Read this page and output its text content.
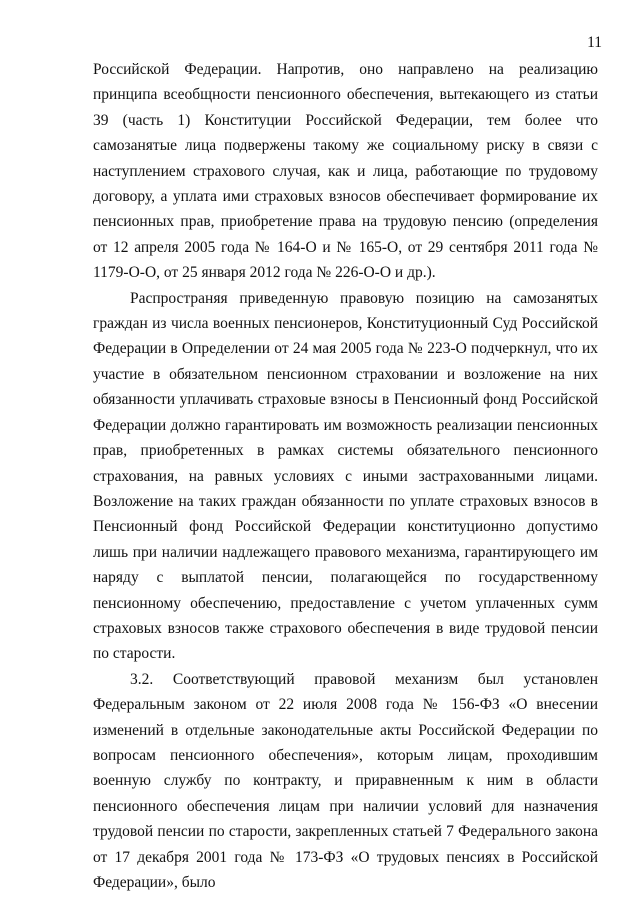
11

Российской Федерации. Напротив, оно направлено на реализацию принципа всеобщности пенсионного обеспечения, вытекающего из статьи 39 (часть 1) Конституции Российской Федерации, тем более что самозанятые лица подвержены такому же социальному риску в связи с наступлением страхового случая, как и лица, работающие по трудовому договору, а уплата ими страховых взносов обеспечивает формирование их пенсионных прав, приобретение права на трудовую пенсию (определения от 12 апреля 2005 года № 164-О и № 165-О, от 29 сентября 2011 года № 1179-О-О, от 25 января 2012 года № 226-О-О и др.).

Распространяя приведенную правовую позицию на самозанятых граждан из числа военных пенсионеров, Конституционный Суд Российской Федерации в Определении от 24 мая 2005 года № 223-О подчеркнул, что их участие в обязательном пенсионном страховании и возложение на них обязанности уплачивать страховые взносы в Пенсионный фонд Российской Федерации должно гарантировать им возможность реализации пенсионных прав, приобретенных в рамках системы обязательного пенсионного страхования, на равных условиях с иными застрахованными лицами. Возложение на таких граждан обязанности по уплате страховых взносов в Пенсионный фонд Российской Федерации конституционно допустимо лишь при наличии надлежащего правового механизма, гарантирующего им наряду с выплатой пенсии, полагающейся по государственному пенсионному обеспечению, предоставление с учетом уплаченных сумм страховых взносов также страхового обеспечения в виде трудовой пенсии по старости.

3.2. Соответствующий правовой механизм был установлен Федеральным законом от 22 июля 2008 года № 156-ФЗ «О внесении изменений в отдельные законодательные акты Российской Федерации по вопросам пенсионного обеспечения», которым лицам, проходившим военную службу по контракту, и приравненным к ним в области пенсионного обеспечения лицам при наличии условий для назначения трудовой пенсии по старости, закрепленных статьей 7 Федерального закона от 17 декабря 2001 года № 173-ФЗ «О трудовых пенсиях в Российской Федерации», было
